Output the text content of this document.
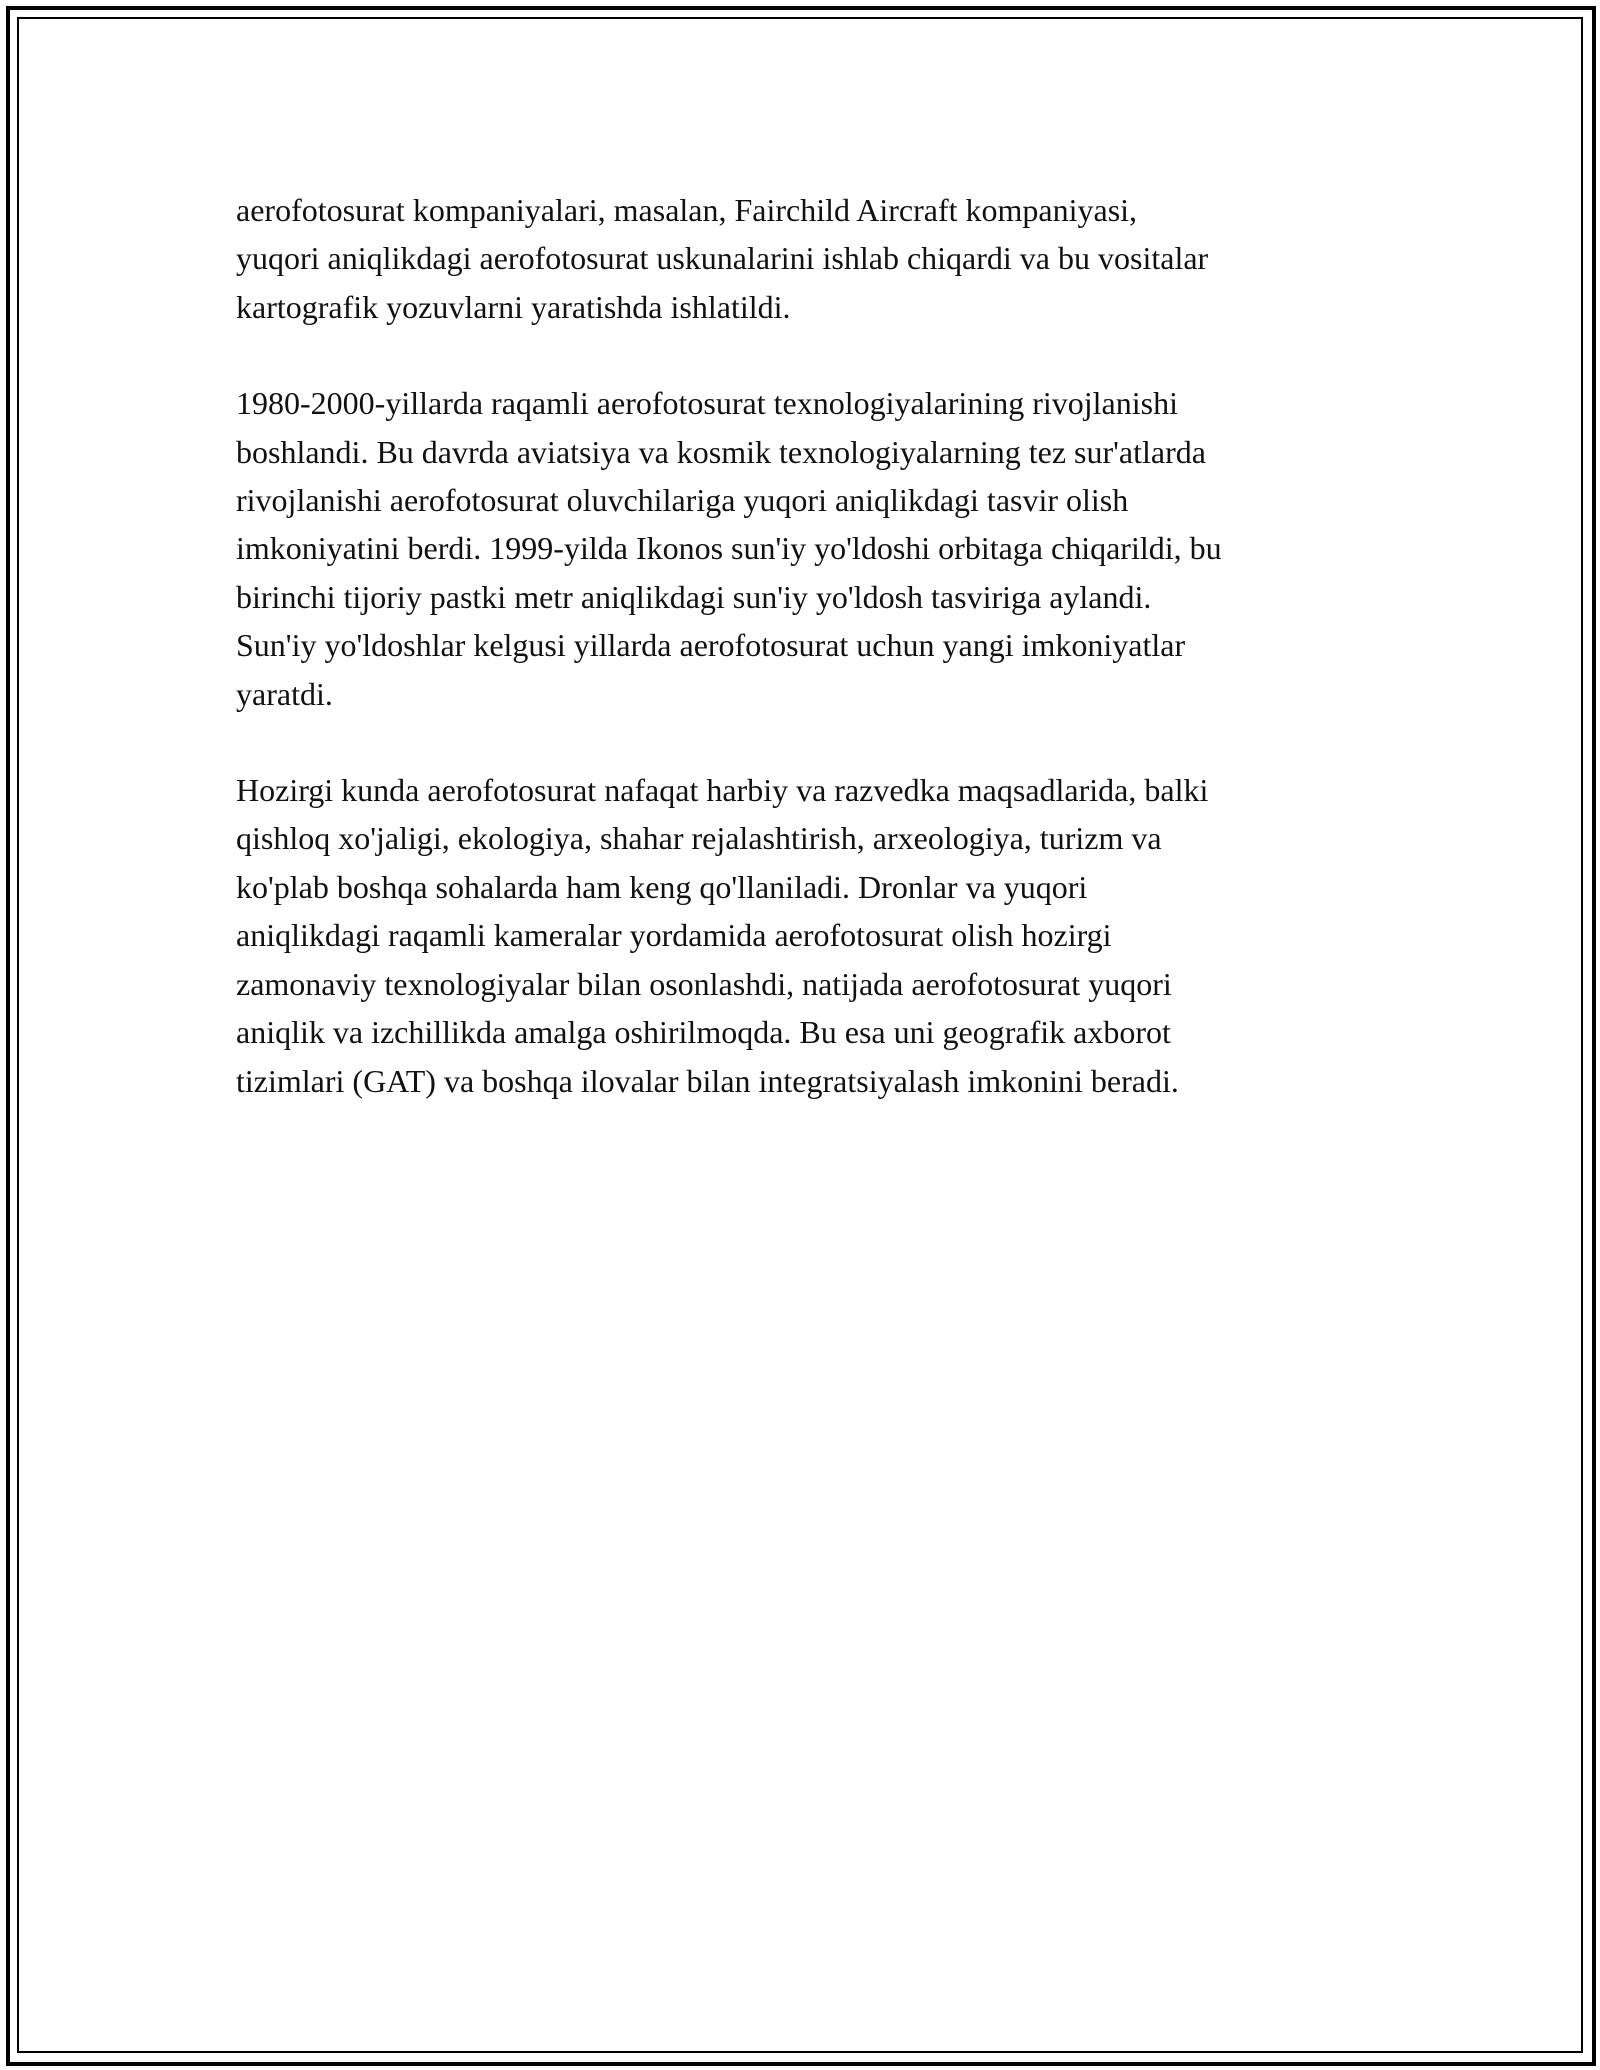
aerofotosurat kompaniyalari, masalan, Fairchild Aircraft kompaniyasi,
yuqori aniqlikdagi aerofotosurat uskunalarini ishlab chiqardi va bu vositalar
kartografik yozuvlarni yaratishda ishlatildi.

1980-2000-yillarda raqamli aerofotosurat texnologiyalarining rivojlanishi
boshlandi. Bu davrda aviatsiya va kosmik texnologiyalarning tez sur'atlarda
rivojlanishi aerofotosurat oluvchilariga yuqori aniqlikdagi tasvir olish
imkoniyatini berdi. 1999-yilda Ikonos sun'iy yo'ldoshi orbitaga chiqarildi, bu
birinchi tijoriy pastki metr aniqlikdagi sun'iy yo'ldosh tasviriga aylandi.
Sun'iy yo'ldoshlar kelgusi yillarda aerofotosurat uchun yangi imkoniyatlar
yaratdi.

Hozirgi kunda aerofotosurat nafaqat harbiy va razvedka maqsadlarida, balki
qishloq xo'jaligi, ekologiya, shahar rejalashtirish, arxeologiya, turizm va
ko'plab boshqa sohalarda ham keng qo'llaniladi. Dronlar va yuqori
aniqlikdagi raqamli kameralar yordamida aerofotosurat olish hozirgi
zamonaviy texnologiyalar bilan osonlashdi, natijada aerofotosurat yuqori
aniqlik va izchillikda amalga oshirilmoqda. Bu esa uni geografik axborot
tizimlari (GAT) va boshqa ilovalar bilan integratsiyalash imkonini beradi.
